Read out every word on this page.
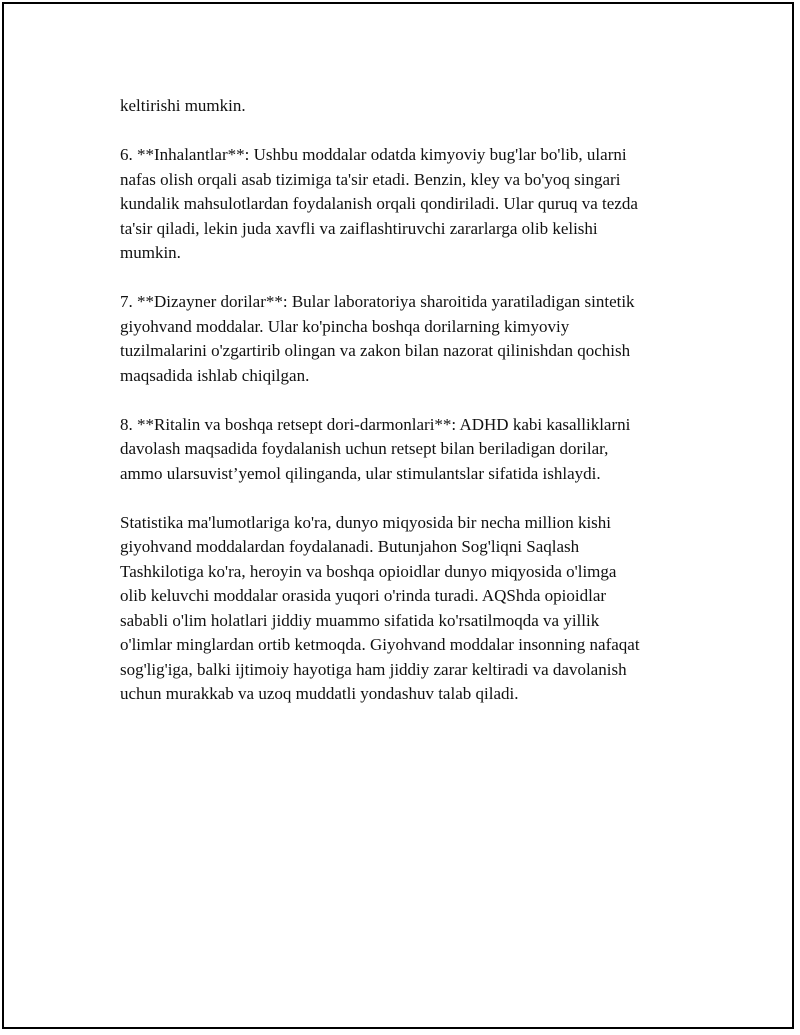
keltirishi mumkin.

6. **Inhalantlar**: Ushbu moddalar odatda kimyoviy bug'lar bo'lib, ularni
nafas olish orqali asab tizimiga ta'sir etadi. Benzin, kley va bo'yoq singari
kundalik mahsulotlardan foydalanish orqali qondiriladi. Ular quruq va tezda
ta'sir qiladi, lekin juda xavfli va zaiflashtiruvchi zararlarga olib kelishi
mumkin.

7. **Dizayner dorilar**: Bular laboratoriya sharoitida yaratiladigan sintetik
giyohvand moddalar. Ular ko'pincha boshqa dorilarning kimyoviy
tuzilmalarini o'zgartirib olingan va zakon bilan nazorat qilinishdan qochish
maqsadida ishlab chiqilgan.

8. **Ritalin va boshqa retsept dori-darmonlari**: ADHD kabi kasalliklarni
davolash maqsadida foydalanish uchun retsept bilan beriladigan dorilar,
ammo ularsuvist’yemol qilinganda, ular stimulantslar sifatida ishlaydi.

Statistika ma'lumotlariga ko'ra, dunyo miqyosida bir necha million kishi
giyohvand moddalardan foydalanadi. Butunjahon Sog'liqni Saqlash
Tashkilotiga ko'ra, heroyin va boshqa opioidlar dunyo miqyosida o'limga
olib keluvchi moddalar orasida yuqori o'rinda turadi. AQShda opioidlar
sababli o'lim holatlari jiddiy muammo sifatida ko'rsatilmoqda va yillik
o'limlar minglardan ortib ketmoqda. Giyohvand moddalar insonning nafaqat
sog'lig'iga, balki ijtimoiy hayotiga ham jiddiy zarar keltiradi va davolanish
uchun murakkab va uzoq muddatli yondashuv talab qiladi.
